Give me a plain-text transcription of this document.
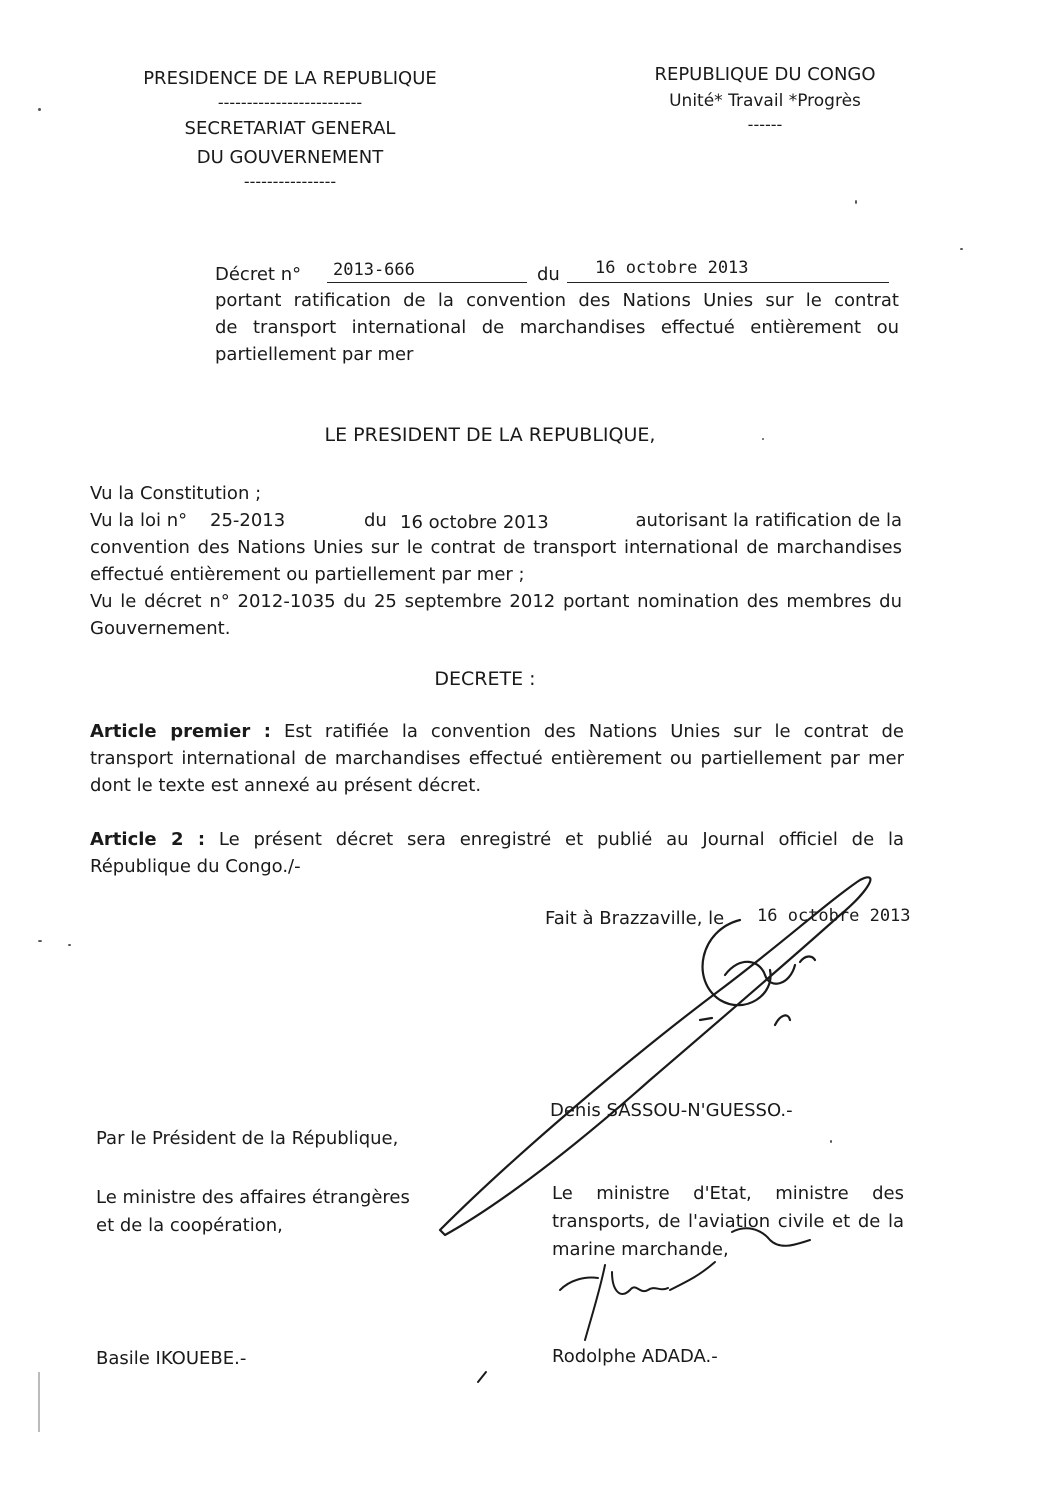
PRESIDENCE DE LA REPUBLIQUE
-------------------------
SECRETARIAT GENERAL
DU GOUVERNEMENT
----------------
REPUBLIQUE DU CONGO
Unité* Travail *Progrès
------
Décret n° 2013-666	du 16 octobre 2013
portant ratification de la convention des Nations Unies sur le contrat
de transport international de marchandises effectué entièrement ou
partiellement par mer
LE PRESIDENT DE LA REPUBLIQUE,
Vu la Constitution ;
Vu la loi n° 25-2013	du 16 octobre 2013	autorisant la ratification de la
convention des Nations Unies sur le contrat de transport international de marchandises
effectué entièrement ou partiellement par mer ;
Vu le décret n° 2012-1035 du 25 septembre 2012 portant nomination des membres du
Gouvernement.
DECRETE :
Article premier : Est ratifiée la convention des Nations Unies sur le contrat de
transport international de marchandises effectué entièrement ou partiellement par mer
dont le texte est annexé au présent décret.
Article 2 : Le présent décret sera enregistré et publié au Journal officiel de la
République du Congo./-
Fait à Brazzaville, le 16 octobre 2013
Denis SASSOU-N'GUESSO.-
Par le Président de la République,
Le ministre des affaires étrangères
et de la coopération,
Basile IKOUEBE.-
Le ministre d'Etat, ministre des
transports, de l'aviation civile et de la
marine marchande,
Rodolphe ADADA.-
